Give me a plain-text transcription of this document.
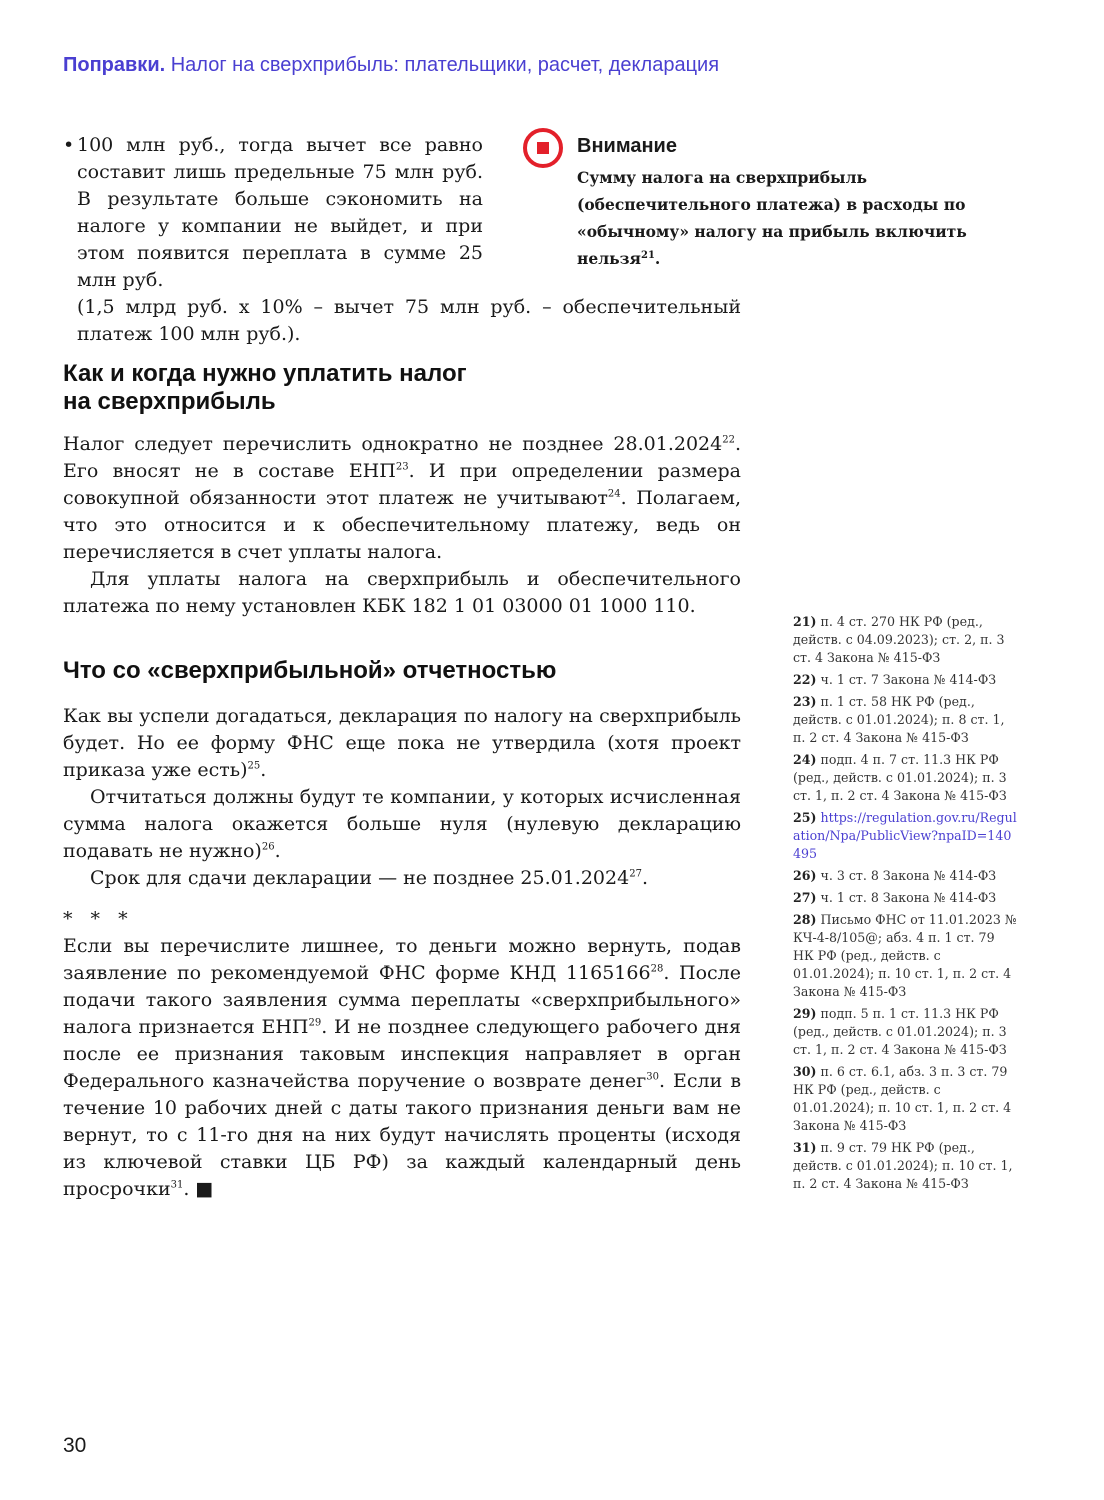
Поправки. Налог на сверхприбыль: плательщики, расчет, декларация

• 100 млн руб., тогда вычет все равно составит лишь предельные 75 млн руб. В результате больше сэкономить на налоге у компании не выйдет, и при этом появится переплата в сумме 25 млн руб.

(1,5 млрд руб. х 10% – вычет 75 млн руб. – обеспечительный платеж 100 млн руб.).

Внимание
Сумму налога на сверхприбыль (обеспечительного платежа) в расходы по «обычному» налогу на прибыль включить нельзя$^{21}$.
Как и когда нужно уплатить налог
на сверхприбыль

Налог следует перечислить однократно не позднее 28.01.2024$^{22}$. Его вносят не в составе ЕНП$^{23}$. И при определении размера совокупной обязанности этот платеж не учитывают$^{24}$. Полагаем, что это относится и к обеспечительному платежу, ведь он перечисляется в счет уплаты налога.

Для уплаты налога на сверхприбыль и обеспечительного платежа по нему установлен КБК 182 1 01 03000 01 1000 110.

Что со «сверхприбыльной» отчетностью

Как вы успели догадаться, декларация по налогу на сверхприбыль будет. Но ее форму ФНС еще пока не утвердила (хотя проект приказа уже есть)$^{25}$.

Отчитаться должны будут те компании, у которых исчисленная сумма налога окажется больше нуля (нулевую декларацию подавать не нужно)$^{26}$.

Срок для сдачи декларации — не позднее 25.01.2024$^{27}$.

* * *

Если вы перечислите лишнее, то деньги можно вернуть, подав заявление по рекомендуемой ФНС форме КНД 1165166$^{28}$. После подачи такого заявления сумма переплаты «сверхприбыльного» налога признается ЕНП$^{29}$. И не позднее следующего рабочего дня после ее признания таковым инспекция направляет в орган Федерального казначейства поручение о возврате денег$^{30}$. Если в течение 10 рабочих дней с даты такого признания деньги вам не вернут, то с 11-го дня на них будут начислять проценты (исходя из ключевой ставки ЦБ РФ) за каждый календарный день просрочки$^{31}$. ■

21) п. 4 ст. 270 НК РФ (ред., действ. с 04.09.2023); ст. 2, п. 3 ст. 4 Закона № 415-ФЗ
22) ч. 1 ст. 7 Закона № 414-ФЗ
23) п. 1 ст. 58 НК РФ (ред., действ. с 01.01.2024); п. 8 ст. 1, п. 2 ст. 4 Закона № 415-ФЗ
24) подп. 4 п. 7 ст. 11.3 НК РФ (ред., действ. с 01.01.2024); п. 3 ст. 1, п. 2 ст. 4 Закона № 415-ФЗ
25) https://regulation.gov.ru/Regulation/Npa/PublicView?npaID=140495
26) ч. 3 ст. 8 Закона № 414-ФЗ
27) ч. 1 ст. 8 Закона № 414-ФЗ
28) Письмо ФНС от 11.01.2023 № КЧ-4-8/105@; абз. 4 п. 1 ст. 79 НК РФ (ред., действ. с 01.01.2024); п. 10 ст. 1, п. 2 ст. 4 Закона № 415-ФЗ
29) подп. 5 п. 1 ст. 11.3 НК РФ (ред., действ. с 01.01.2024); п. 3 ст. 1, п. 2 ст. 4 Закона № 415-ФЗ
30) п. 6 ст. 6.1, абз. 3 п. 3 ст. 79 НК РФ (ред., действ. с 01.01.2024); п. 10 ст. 1, п. 2 ст. 4 Закона № 415-ФЗ
31) п. 9 ст. 79 НК РФ (ред., действ. с 01.01.2024); п. 10 ст. 1, п. 2 ст. 4 Закона № 415-ФЗ
30
